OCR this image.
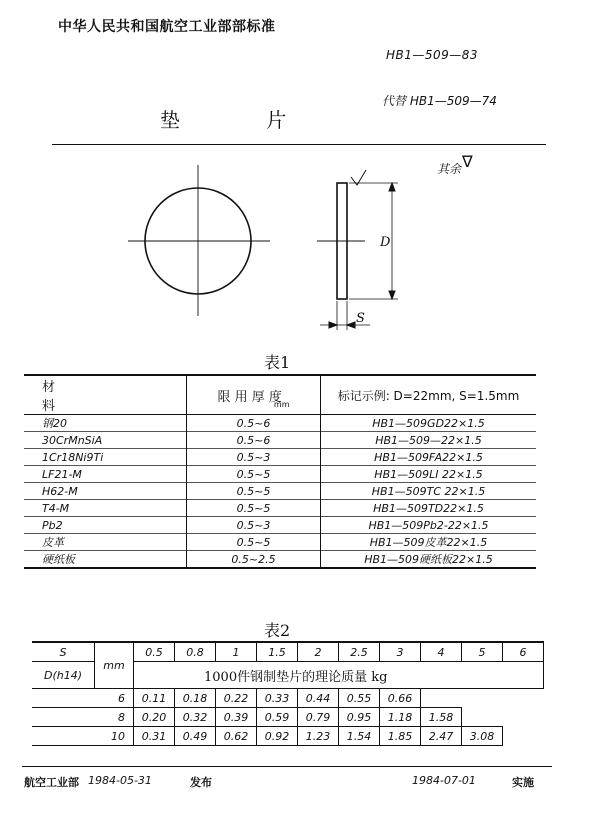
中华人民共和国航空工业部部标准
HB1—509—83
代替 HB1—509—74
垫 片
其余 ∇
D
S
表1
材 料	限 用 厚 度$_{mm}$	标记示例: D=22mm, S=1.5mm
钢20	0.5~6	HB1—509GD22×1.5
30CrMnSiA	0.5~6	HB1—509—22×1.5
1Cr18Ni9Ti	0.5~3	HB1—509FA22×1.5
LF21-M	0.5~5	HB1—509LI 22×1.5
H62-M	0.5~5	HB1—509TC 22×1.5
T4-M	0.5~5	HB1—509TD22×1.5
Pb2	0.5~3	HB1—509Pb2-22×1.5
皮革	0.5~5	HB1—509皮革22×1.5
硬纸板	0.5~2.5	HB1—509硬纸板22×1.5
表2
S	mm	0.5	0.8	1	1.5	2	2.5	3	4	5	6
D(h14)		1000件钢制垫片的理论质量 kg									
6		0.11	0.18	0.22	0.33	0.44	0.55	0.66			
8		0.20	0.32	0.39	0.59	0.79	0.95	1.18	1.58		
10		0.31	0.49	0.62	0.92	1.23	1.54	1.85	2.47	3.08	
航空工业部 1984-05-31	发布	1984-07-01	实施
